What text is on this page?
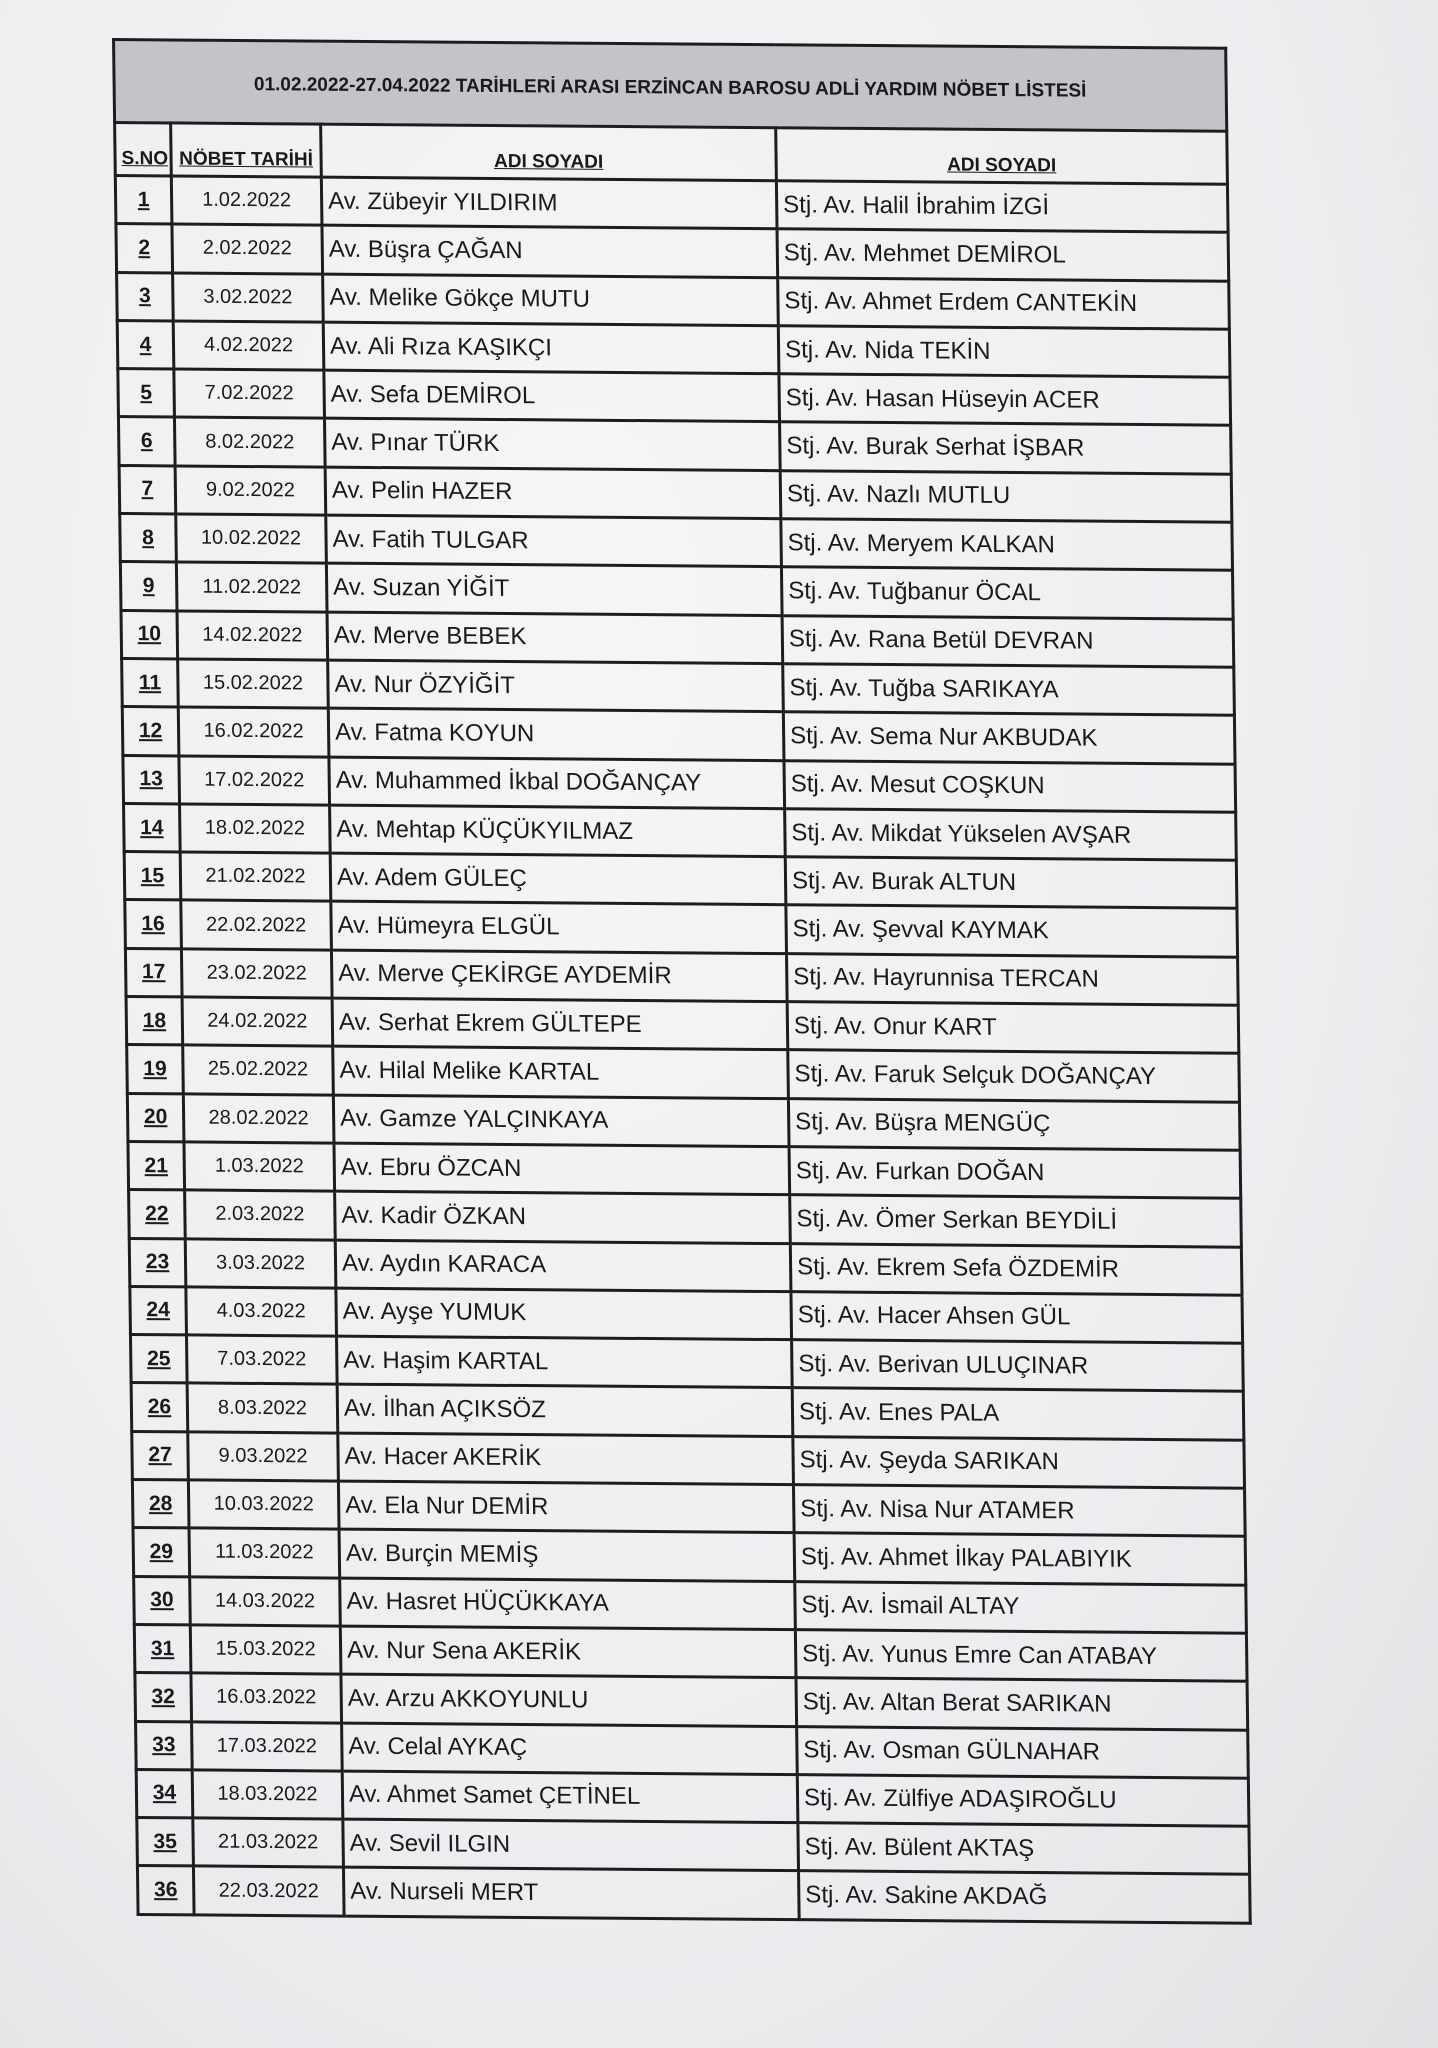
01.02.2022-27.04.2022 TARİHLERİ ARASI ERZİNCAN BAROSU ADLİ YARDIM NÖBET LİSTESİ			
S.NO	NÖBET TARİHİ	ADI SOYADI	ADI SOYADI
1	1.02.2022	Av. Zübeyir YILDIRIM	Stj. Av. Halil İbrahim İZGİ
2	2.02.2022	Av. Büşra ÇAĞAN	Stj. Av. Mehmet DEMİROL
3	3.02.2022	Av. Melike Gökçe MUTU	Stj. Av. Ahmet Erdem CANTEKİN
4	4.02.2022	Av. Ali Rıza KAŞIKÇI	Stj. Av. Nida TEKİN
5	7.02.2022	Av. Sefa DEMİROL	Stj. Av. Hasan Hüseyin ACER
6	8.02.2022	Av. Pınar TÜRK	Stj. Av. Burak Serhat İŞBAR
7	9.02.2022	Av. Pelin HAZER	Stj. Av. Nazlı MUTLU
8	10.02.2022	Av. Fatih TULGAR	Stj. Av. Meryem KALKAN
9	11.02.2022	Av. Suzan YİĞİT	Stj. Av. Tuğbanur ÖCAL
10	14.02.2022	Av. Merve BEBEK	Stj. Av. Rana Betül DEVRAN
11	15.02.2022	Av. Nur ÖZYİĞİT	Stj. Av. Tuğba SARIKAYA
12	16.02.2022	Av. Fatma KOYUN	Stj. Av. Sema Nur AKBUDAK
13	17.02.2022	Av. Muhammed İkbal DOĞANÇAY	Stj. Av. Mesut COŞKUN
14	18.02.2022	Av. Mehtap KÜÇÜKYILMAZ	Stj. Av. Mikdat Yükselen AVŞAR
15	21.02.2022	Av. Adem GÜLEÇ	Stj. Av. Burak ALTUN
16	22.02.2022	Av. Hümeyra ELGÜL	Stj. Av. Şevval KAYMAK
17	23.02.2022	Av. Merve ÇEKİRGE AYDEMİR	Stj. Av. Hayrunnisa TERCAN
18	24.02.2022	Av. Serhat Ekrem GÜLTEPE	Stj. Av. Onur KART
19	25.02.2022	Av. Hilal Melike KARTAL	Stj. Av. Faruk Selçuk DOĞANÇAY
20	28.02.2022	Av. Gamze YALÇINKAYA	Stj. Av. Büşra MENGÜÇ
21	1.03.2022	Av. Ebru ÖZCAN	Stj. Av. Furkan DOĞAN
22	2.03.2022	Av. Kadir ÖZKAN	Stj. Av. Ömer Serkan BEYDİLİ
23	3.03.2022	Av. Aydın KARACA	Stj. Av. Ekrem Sefa ÖZDEMİR
24	4.03.2022	Av. Ayşe YUMUK	Stj. Av. Hacer Ahsen GÜL
25	7.03.2022	Av. Haşim KARTAL	Stj. Av. Berivan ULUÇINAR
26	8.03.2022	Av. İlhan AÇIKSÖZ	Stj. Av. Enes PALA
27	9.03.2022	Av. Hacer AKERİK	Stj. Av. Şeyda SARIKAN
28	10.03.2022	Av. Ela Nur DEMİR	Stj. Av. Nisa Nur ATAMER
29	11.03.2022	Av. Burçin MEMİŞ	Stj. Av. Ahmet İlkay PALABIYIK
30	14.03.2022	Av. Hasret HÜÇÜKKAYA	Stj. Av. İsmail ALTAY
31	15.03.2022	Av. Nur Sena AKERİK	Stj. Av. Yunus Emre Can ATABAY
32	16.03.2022	Av. Arzu AKKOYUNLU	Stj. Av. Altan Berat SARIKAN
33	17.03.2022	Av. Celal AYKAÇ	Stj. Av. Osman GÜLNAHAR
34	18.03.2022	Av. Ahmet Samet ÇETİNEL	Stj. Av. Zülfiye ADAŞIROĞLU
35	21.03.2022	Av. Sevil ILGIN	Stj. Av. Bülent AKTAŞ
36	22.03.2022	Av. Nurseli MERT	Stj. Av. Sakine AKDAĞ
